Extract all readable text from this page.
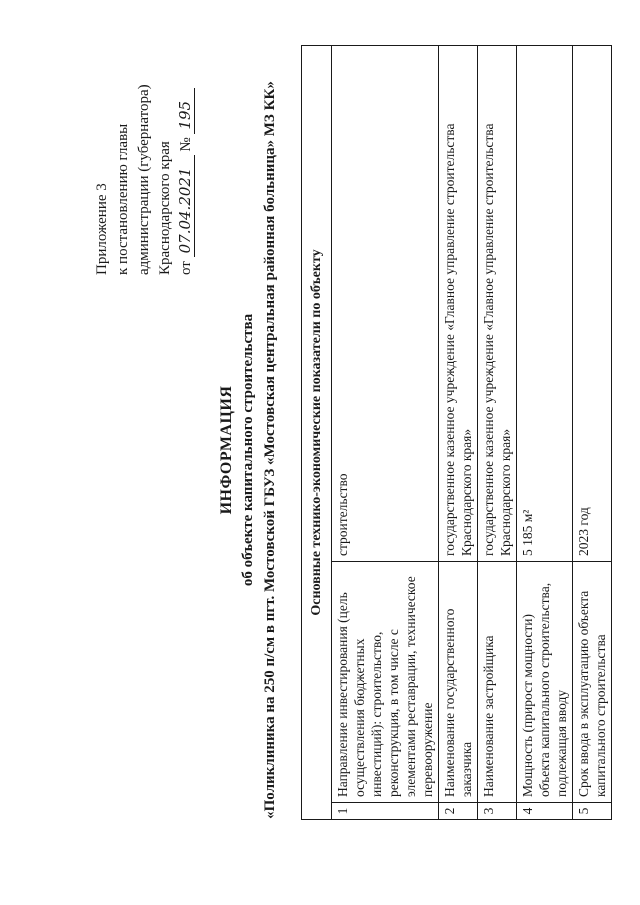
Приложение 3 к постановлению главы администрации (губернатора) Краснодарского края от 07.04.2021 № 195
ИНФОРМАЦИЯ об объекте капитального строительства «Поликлиника на 250 п/см в пгт. Мостовской ГБУЗ «Мостовская центральная районная больница» МЗ КК» Основные технико-экономические показатели по объекту		
1	Направление инвестирования (цель осуществления бюджетных инвестиций): строительство, реконструкция, в том числе с элементами реставрации, техническое перевооружение	строительство
2	Наименование государственного заказчика	государственное казенное учреждение «Главное управление строительства Краснодарского края»
3	Наименование застройщика	государственное казенное учреждение «Главное управление строительства Краснодарского края»
4	Мощность (прирост мощности) объекта капитального строительства, подлежащая вводу	5 185 м²
5	Срок ввода в эксплуатацию объекта капитального строительства	2023 год
